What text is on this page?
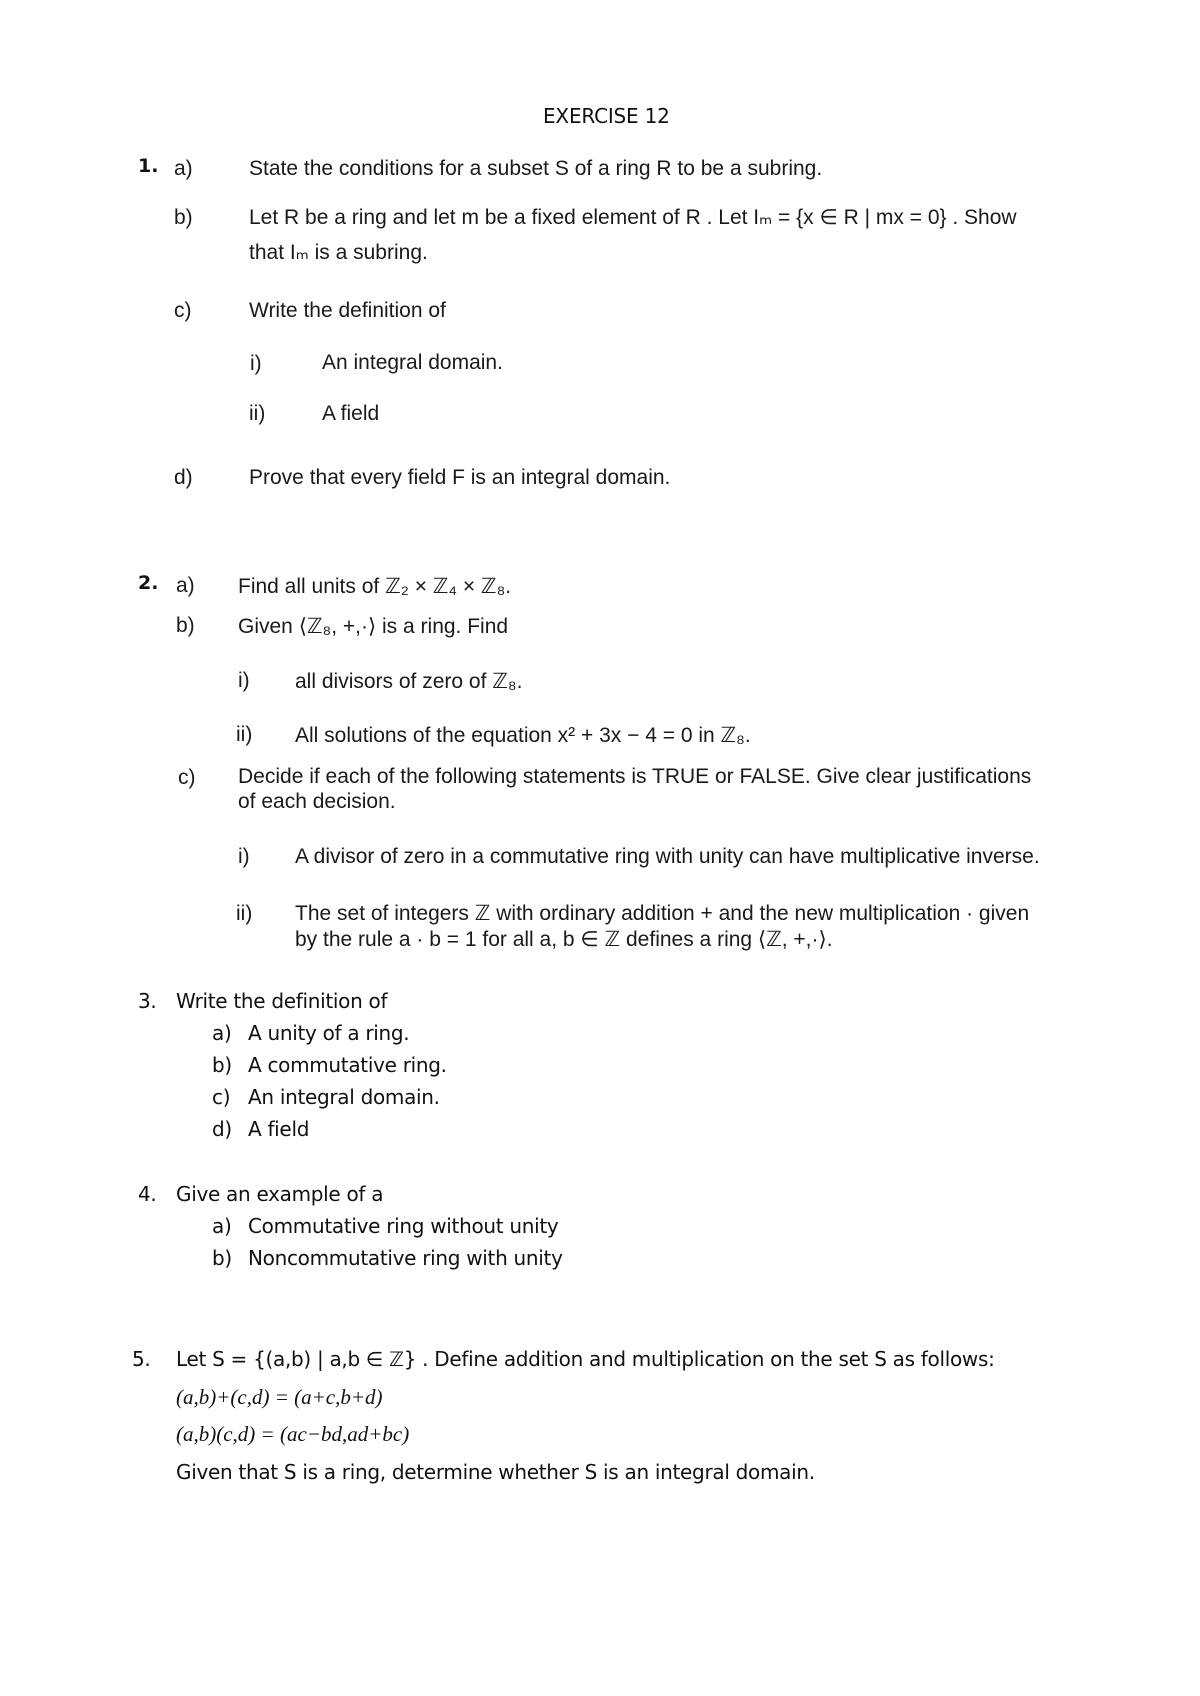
EXERCISE 12
1. a)	State the conditions for a subset S of a ring R to be a subring.
b)	Let R be a ring and let m be a fixed element of R . Let Iₘ = {x ∈ R | mx = 0} . Show
that Iₘ is a subring.
c)	Write the definition of
i)	An integral domain.
ii)	A field
d)	Prove that every field F is an integral domain.
2. a) Find all units of ℤ₂ × ℤ₄ × ℤ₈.
b) Given ⟨ℤ₈, +,·⟩ is a ring. Find
i) all divisors of zero of ℤ₈.
ii) All solutions of the equation x² + 3x − 4 = 0 in ℤ₈.
c) Decide if each of the following statements is TRUE or FALSE. Give clear justifications
of each decision.
i) A divisor of zero in a commutative ring with unity can have multiplicative inverse.
ii) The set of integers ℤ with ordinary addition + and the new multiplication · given
by the rule a · b = 1 for all a, b ∈ ℤ defines a ring ⟨ℤ, +,·⟩.
3. Write the definition of
a) A unity of a ring.
b) A commutative ring.
c) An integral domain.
d) A field
4. Give an example of a
a) Commutative ring without unity
b) Noncommutative ring with unity
5. Let S = {(a,b) | a,b ∈ ℤ} . Define addition and multiplication on the set S as follows:
(a,b)+(c,d) = (a+c,b+d)
(a,b)(c,d) = (ac−bd,ad+bc)
Given that S is a ring, determine whether S is an integral domain.
